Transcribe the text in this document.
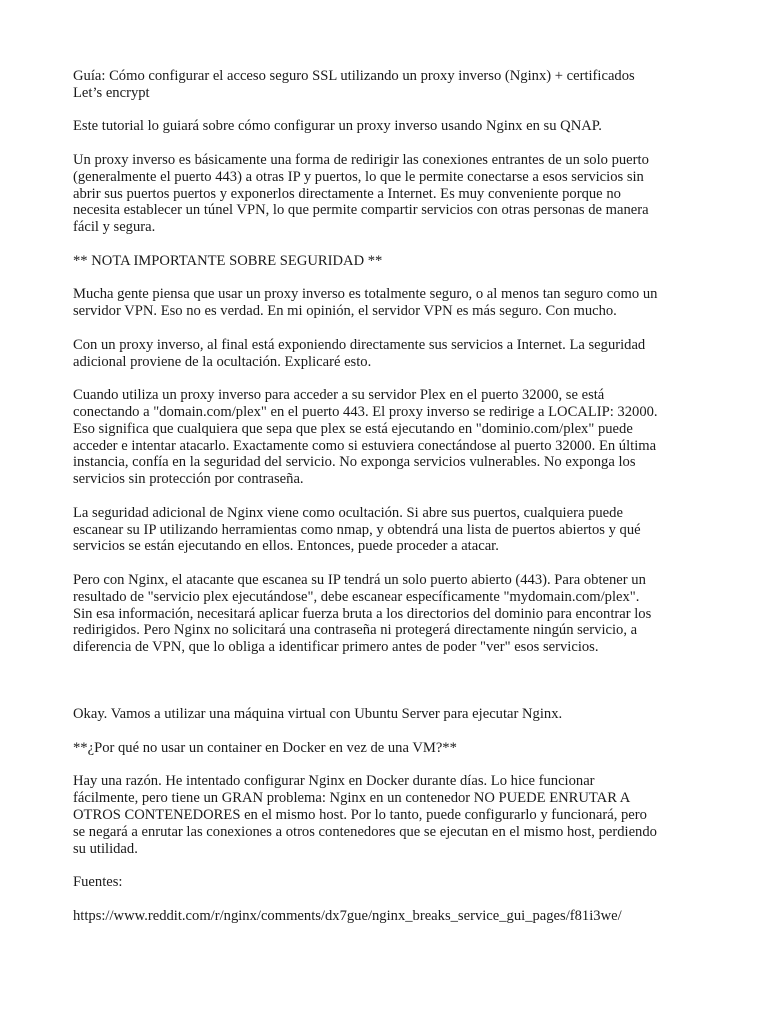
Guía: Cómo configurar el acceso seguro SSL utilizando un proxy inverso (Nginx) + certificados
Let’s encrypt

Este tutorial lo guiará sobre cómo configurar un proxy inverso usando Nginx en su QNAP.

Un proxy inverso es básicamente una forma de redirigir las conexiones entrantes de un solo puerto
(generalmente el puerto 443) a otras IP y puertos, lo que le permite conectarse a esos servicios sin
abrir sus puertos puertos y exponerlos directamente a Internet. Es muy conveniente porque no
necesita establecer un túnel VPN, lo que permite compartir servicios con otras personas de manera
fácil y segura.

** NOTA IMPORTANTE SOBRE SEGURIDAD **

Mucha gente piensa que usar un proxy inverso es totalmente seguro, o al menos tan seguro como un
servidor VPN. Eso no es verdad. En mi opinión, el servidor VPN es más seguro. Con mucho.

Con un proxy inverso, al final está exponiendo directamente sus servicios a Internet. La seguridad
adicional proviene de la ocultación. Explicaré esto.

Cuando utiliza un proxy inverso para acceder a su servidor Plex en el puerto 32000, se está
conectando a "domain.com/plex" en el puerto 443. El proxy inverso se redirige a LOCALIP: 32000.
Eso significa que cualquiera que sepa que plex se está ejecutando en "dominio.com/plex" puede
acceder e intentar atacarlo. Exactamente como si estuviera conectándose al puerto 32000. En última
instancia, confía en la seguridad del servicio. No exponga servicios vulnerables. No exponga los
servicios sin protección por contraseña.

La seguridad adicional de Nginx viene como ocultación. Si abre sus puertos, cualquiera puede
escanear su IP utilizando herramientas como nmap, y obtendrá una lista de puertos abiertos y qué
servicios se están ejecutando en ellos. Entonces, puede proceder a atacar.

Pero con Nginx, el atacante que escanea su IP tendrá un solo puerto abierto (443). Para obtener un
resultado de "servicio plex ejecutándose", debe escanear específicamente "mydomain.com/plex".
Sin esa información, necesitará aplicar fuerza bruta a los directorios del dominio para encontrar los
redirigidos. Pero Nginx no solicitará una contraseña ni protegerá directamente ningún servicio, a
diferencia de VPN, que lo obliga a identificar primero antes de poder "ver" esos servicios.

Okay. Vamos a utilizar una máquina virtual con Ubuntu Server para ejecutar Nginx.

**¿Por qué no usar un container en Docker en vez de una VM?**

Hay una razón. He intentado configurar Nginx en Docker durante días. Lo hice funcionar
fácilmente, pero tiene un GRAN problema: Nginx en un contenedor NO PUEDE ENRUTAR A
OTROS CONTENEDORES en el mismo host. Por lo tanto, puede configurarlo y funcionará, pero
se negará a enrutar las conexiones a otros contenedores que se ejecutan en el mismo host, perdiendo
su utilidad.

Fuentes:

https://www.reddit.com/r/nginx/comments/dx7gue/nginx_breaks_service_gui_pages/f81i3we/
